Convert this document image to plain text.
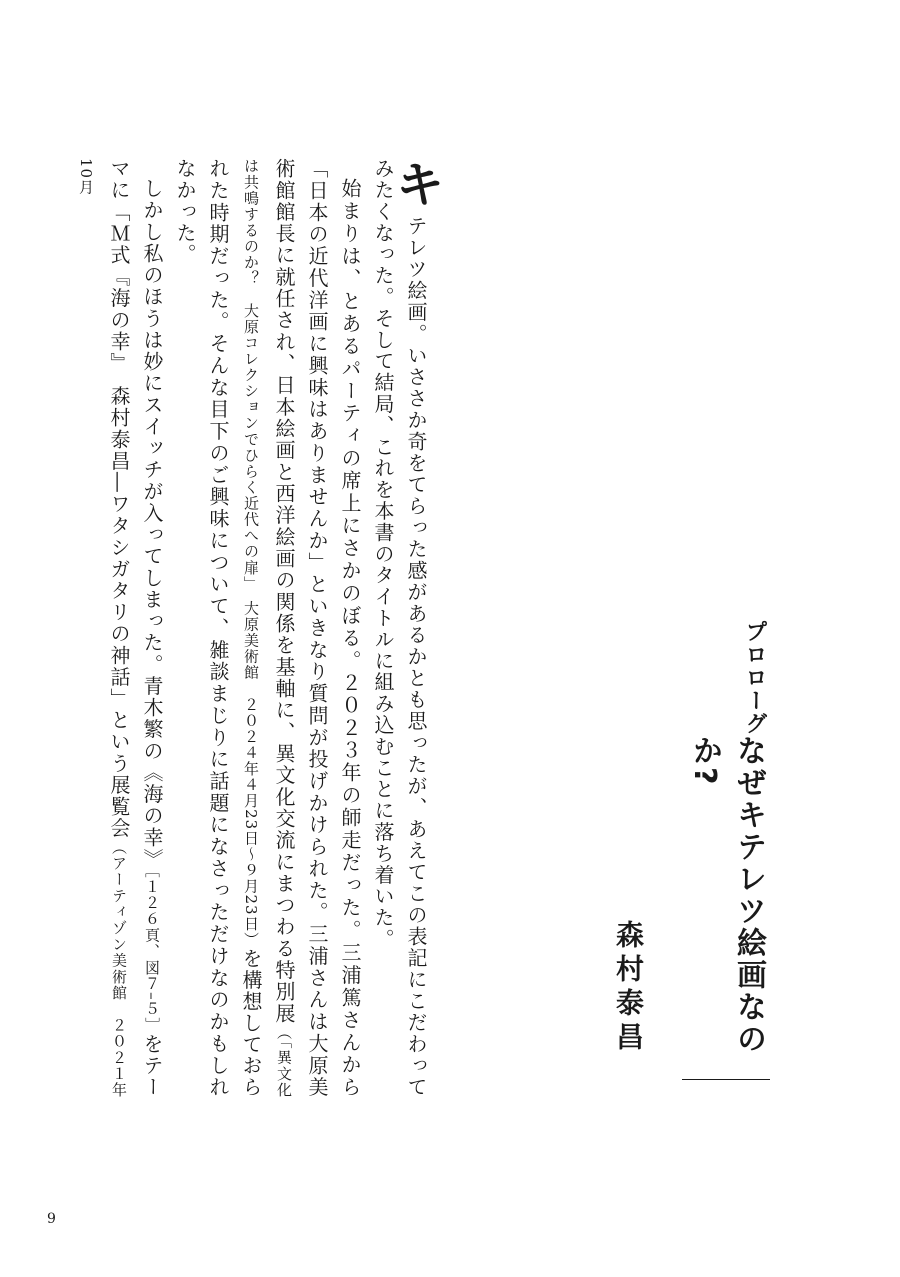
プロローグ
なぜキテレツ絵画なのか?
森村泰昌

キテレツ絵画。いささか奇をてらった感があるかとも思ったが、あえてこの表記にこだわってみたくなった。そして結局、これを本書のタイトルに組み込むことに落ち着いた。

始まりは、とあるパーティの席上にさかのぼる。２０２３年の師走だった。三浦篤さんから「日本の近代洋画に興味はありませんか」といきなり質問が投げかけられた。三浦さんは大原美術館館長に就任され、日本絵画と西洋絵画の関係を基軸に、異文化交流にまつわる特別展（「異文化は共鳴するのか？　大原コレクションでひらく近代への扉」　大原美術館　２０２４年４月23日〜９月23日）を構想しておられた時期だった。そんな目下のご興味について、雑談まじりに話題になさっただけなのかもしれなかった。

しかし私のほうは妙にスイッチが入ってしまった。青木繁の《海の幸》［１２６頁、図７–５］をテーマに「Ｍ式『海の幸』　森村泰昌―ワタシガタリの神話」という展覧会（アーティゾン美術館　２０２１年10月

9
